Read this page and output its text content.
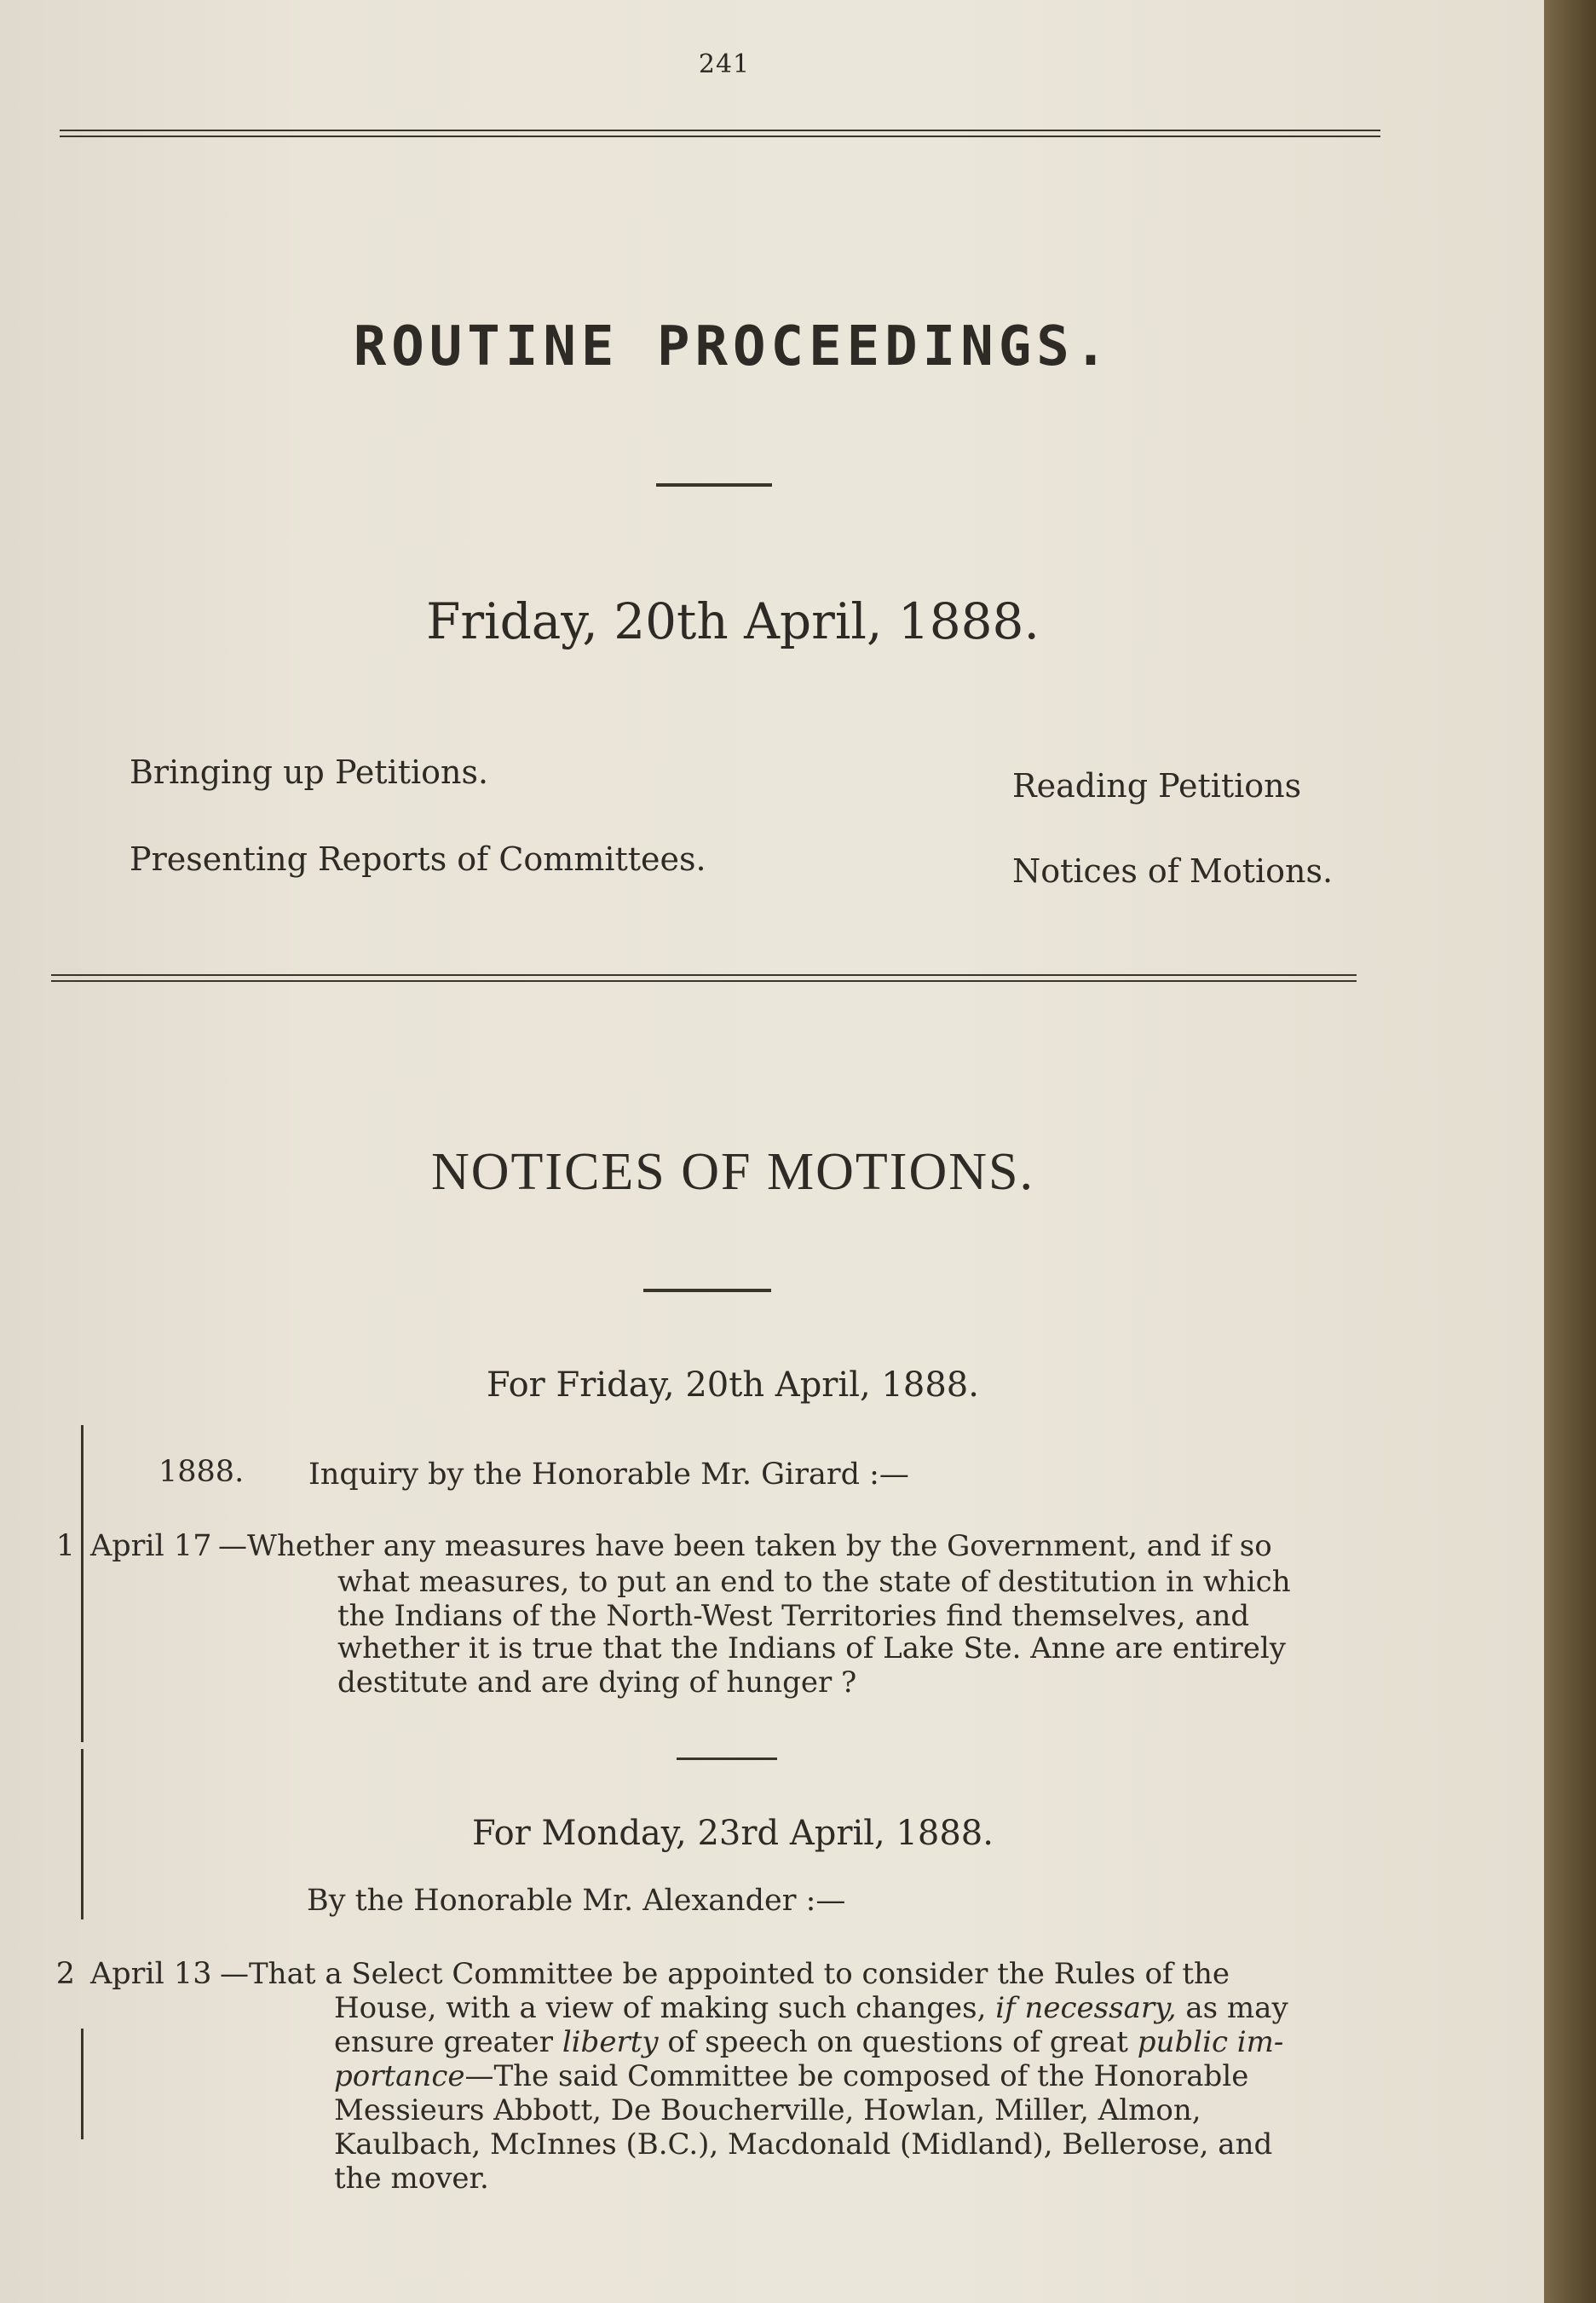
241
ROUTINE PROCEEDINGS.
Friday, 20th April, 1888.
Bringing up Petitions.	Reading Petitions
Presenting Reports of Committees.	Notices of Motions.
NOTICES OF MOTIONS.
For Friday, 20th April, 1888.
1888. Inquiry by the Honorable Mr. Girard :—
1 April 17 —Whether any measures have been taken by the Government, and if so
what measures, to put an end to the state of destitution in which
the Indians of the North-West Territories find themselves, and
whether it is true that the Indians of Lake Ste. Anne are entirely
destitute and are dying of hunger ?
For Monday, 23rd April, 1888.
By the Honorable Mr. Alexander :—
2 April 13 —That a Select Committee be appointed to consider the Rules of the
House, with a view of making such changes, if necessary, as may
ensure greater liberty of speech on questions of great public im-
portance—The said Committee be composed of the Honorable
Messieurs Abbott, De Boucherville, Howlan, Miller, Almon,
Kaulbach, McInnes (B.C.), Macdonald (Midland), Bellerose, and
the mover.
